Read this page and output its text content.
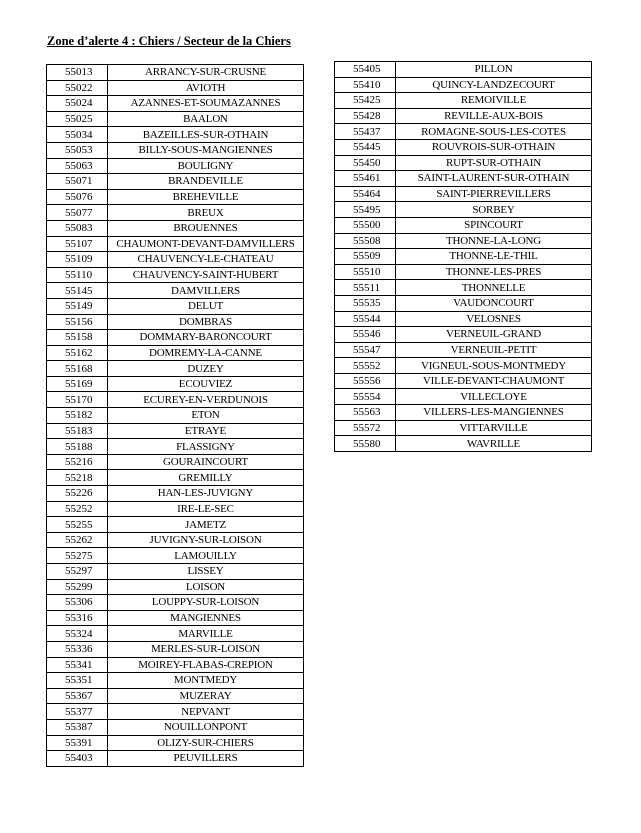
Zone d’alerte 4 : Chiers / Secteur de la Chiers
55013	ARRANCY-SUR-CRUSNE
55022	AVIOTH
55024	AZANNES-ET-SOUMAZANNES
55025	BAALON
55034	BAZEILLES-SUR-OTHAIN
55053	BILLY-SOUS-MANGIENNES
55063	BOULIGNY
55071	BRANDEVILLE
55076	BREHEVILLE
55077	BREUX
55083	BROUENNES
55107	CHAUMONT-DEVANT-DAMVILLERS
55109	CHAUVENCY-LE-CHATEAU
55110	CHAUVENCY-SAINT-HUBERT
55145	DAMVILLERS
55149	DELUT
55156	DOMBRAS
55158	DOMMARY-BARONCOURT
55162	DOMREMY-LA-CANNE
55168	DUZEY
55169	ECOUVIEZ
55170	ECUREY-EN-VERDUNOIS
55182	ETON
55183	ETRAYE
55188	FLASSIGNY
55216	GOURAINCOURT
55218	GREMILLY
55226	HAN-LES-JUVIGNY
55252	IRE-LE-SEC
55255	JAMETZ
55262	JUVIGNY-SUR-LOISON
55275	LAMOUILLY
55297	LISSEY
55299	LOISON
55306	LOUPPY-SUR-LOISON
55316	MANGIENNES
55324	MARVILLE
55336	MERLES-SUR-LOISON
55341	MOIREY-FLABAS-CREPION
55351	MONTMEDY
55367	MUZERAY
55377	NEPVANT
55387	NOUILLONPONT
55391	OLIZY-SUR-CHIERS
55403	PEUVILLERS
55405	PILLON
55410	QUINCY-LANDZECOURT
55425	REMOIVILLE
55428	REVILLE-AUX-BOIS
55437	ROMAGNE-SOUS-LES-COTES
55445	ROUVROIS-SUR-OTHAIN
55450	RUPT-SUR-OTHAIN
55461	SAINT-LAURENT-SUR-OTHAIN
55464	SAINT-PIERREVILLERS
55495	SORBEY
55500	SPINCOURT
55508	THONNE-LA-LONG
55509	THONNE-LE-THIL
55510	THONNE-LES-PRES
55511	THONNELLE
55535	VAUDONCOURT
55544	VELOSNES
55546	VERNEUIL-GRAND
55547	VERNEUIL-PETIT
55552	VIGNEUL-SOUS-MONTMEDY
55556	VILLE-DEVANT-CHAUMONT
55554	VILLECLOYE
55563	VILLERS-LES-MANGIENNES
55572	VITTARVILLE
55580	WAVRILLE
